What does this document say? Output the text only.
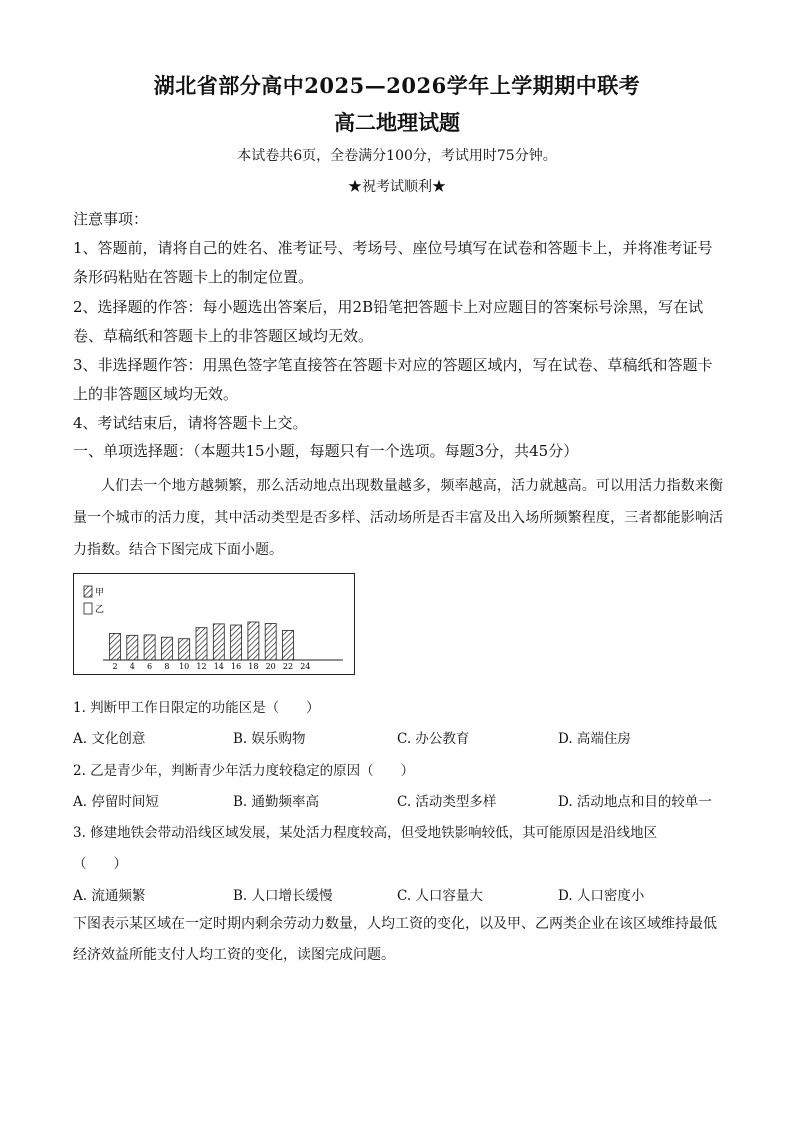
湖北省部分高中2025—2026学年上学期期中联考
高二地理试题
本试卷共6页，全卷满分100分，考试用时75分钟。
★祝考试顺利★
注意事项：
1、答题前，请将自己的姓名、准考证号、考场号、座位号填写在试卷和答题卡上，并将准考证号条形码粘贴在答题卡上的制定位置。
2、选择题的作答：每小题选出答案后，用2B铅笔把答题卡上对应题目的答案标号涂黑，写在试卷、草稿纸和答题卡上的非答题区域均无效。
3、非选择题作答：用黑色签字笔直接答在答题卡对应的答题区域内，写在试卷、草稿纸和答题卡上的非答题区域均无效。
4、考试结束后，请将答题卡上交。
一、单项选择题：（本题共15小题，每题只有一个选项。每题3分，共45分）
人们去一个地方越频繁，那么活动地点出现数量越多，频率越高，活力就越高。可以用活力指数来衡量一个城市的活力度，其中活动类型是否多样、活动场所是否丰富及出入场所频繁程度，三者都能影响活力指数。结合下图完成下面小题。
甲
乙
2 4 6 8 10 12 14 16 18 20 22 24
1. 判断甲工作日限定的功能区是（　　）
A. 文化创意	B. 娱乐购物	C. 办公教育	D. 高端住房
2. 乙是青少年，判断青少年活力度较稳定的原因（　　）
A. 停留时间短	B. 通勤频率高	C. 活动类型多样	D. 活动地点和目的较单一
3. 修建地铁会带动沿线区域发展，某处活力程度较高，但受地铁影响较低，其可能原因是沿线地区
（　　）
A. 流通频繁	B. 人口增长缓慢	C. 人口容量大	D. 人口密度小
下图表示某区域在一定时期内剩余劳动力数量，人均工资的变化，以及甲、乙两类企业在该区域维持最低经济效益所能支付人均工资的变化，读图完成问题。
